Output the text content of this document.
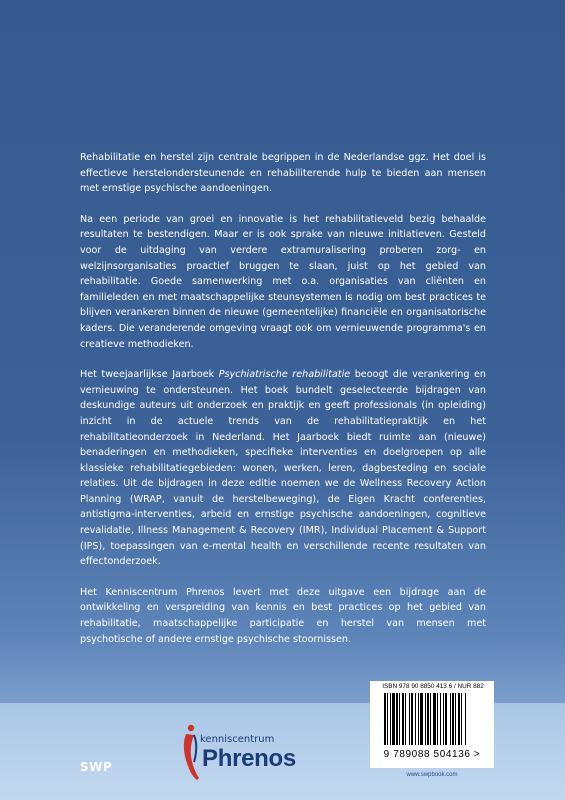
Rehabilitatie en herstel zijn centrale begrippen in de Nederlandse ggz. Het doel is effectieve herstelondersteunende en rehabiliterende hulp te bieden aan mensen met ernstige psychische aandoeningen.

Na een periode van groei en innovatie is het rehabilitatieveld bezig behaalde resultaten te bestendigen. Maar er is ook sprake van nieuwe initiatieven. Gesteld voor de uitdaging van verdere extramuralisering proberen zorg- en welzijnsorganisaties proactief bruggen te slaan, juist op het gebied van rehabilitatie. Goede samenwerking met o.a. organisaties van cliënten en familieleden en met maatschappelijke steunsystemen is nodig om best practices te blijven verankeren binnen de nieuwe (gemeentelijke) financiële en organisatorische kaders. Die veranderende omgeving vraagt ook om vernieuwende programma's en creatieve methodieken.

Het tweejaarlijkse Jaarboek Psychiatrische rehabilitatie beoogt die verankering en vernieuwing te ondersteunen. Het boek bundelt geselecteerde bijdragen van deskundige auteurs uit onderzoek en praktijk en geeft professionals (in opleiding) inzicht in de actuele trends van de rehabilitatiepraktijk en het rehabilitatieonderzoek in Nederland. Het Jaarboek biedt ruimte aan (nieuwe) benaderingen en methodieken, specifieke interventies en doelgroepen op alle klassieke rehabilitatiegebieden: wonen, werken, leren, dagbesteding en sociale relaties. Uit de bijdragen in deze editie noemen we de Wellness Recovery Action Planning (WRAP, vanuit de herstelbeweging), de Eigen Kracht conferenties, antistigma-interventies, arbeid en ernstige psychische aandoeningen, cognitieve revalidatie, Illness Management & Recovery (IMR), Individual Placement & Support (IPS), toepassingen van e-mental health en verschillende recente resultaten van effectonderzoek.

Het Kenniscentrum Phrenos levert met deze uitgave een bijdrage aan de ontwikkeling en verspreiding van kennis en best practices op het gebied van rehabilitatie, maatschappelijke participatie en herstel van mensen met psychotische of andere ernstige psychische stoornissen.

SWP
kenniscentrum
Phrenos
ISBN 978 90 8850 413 6 / NUR 882
9 789088 504136 >
www.swpbook.com
